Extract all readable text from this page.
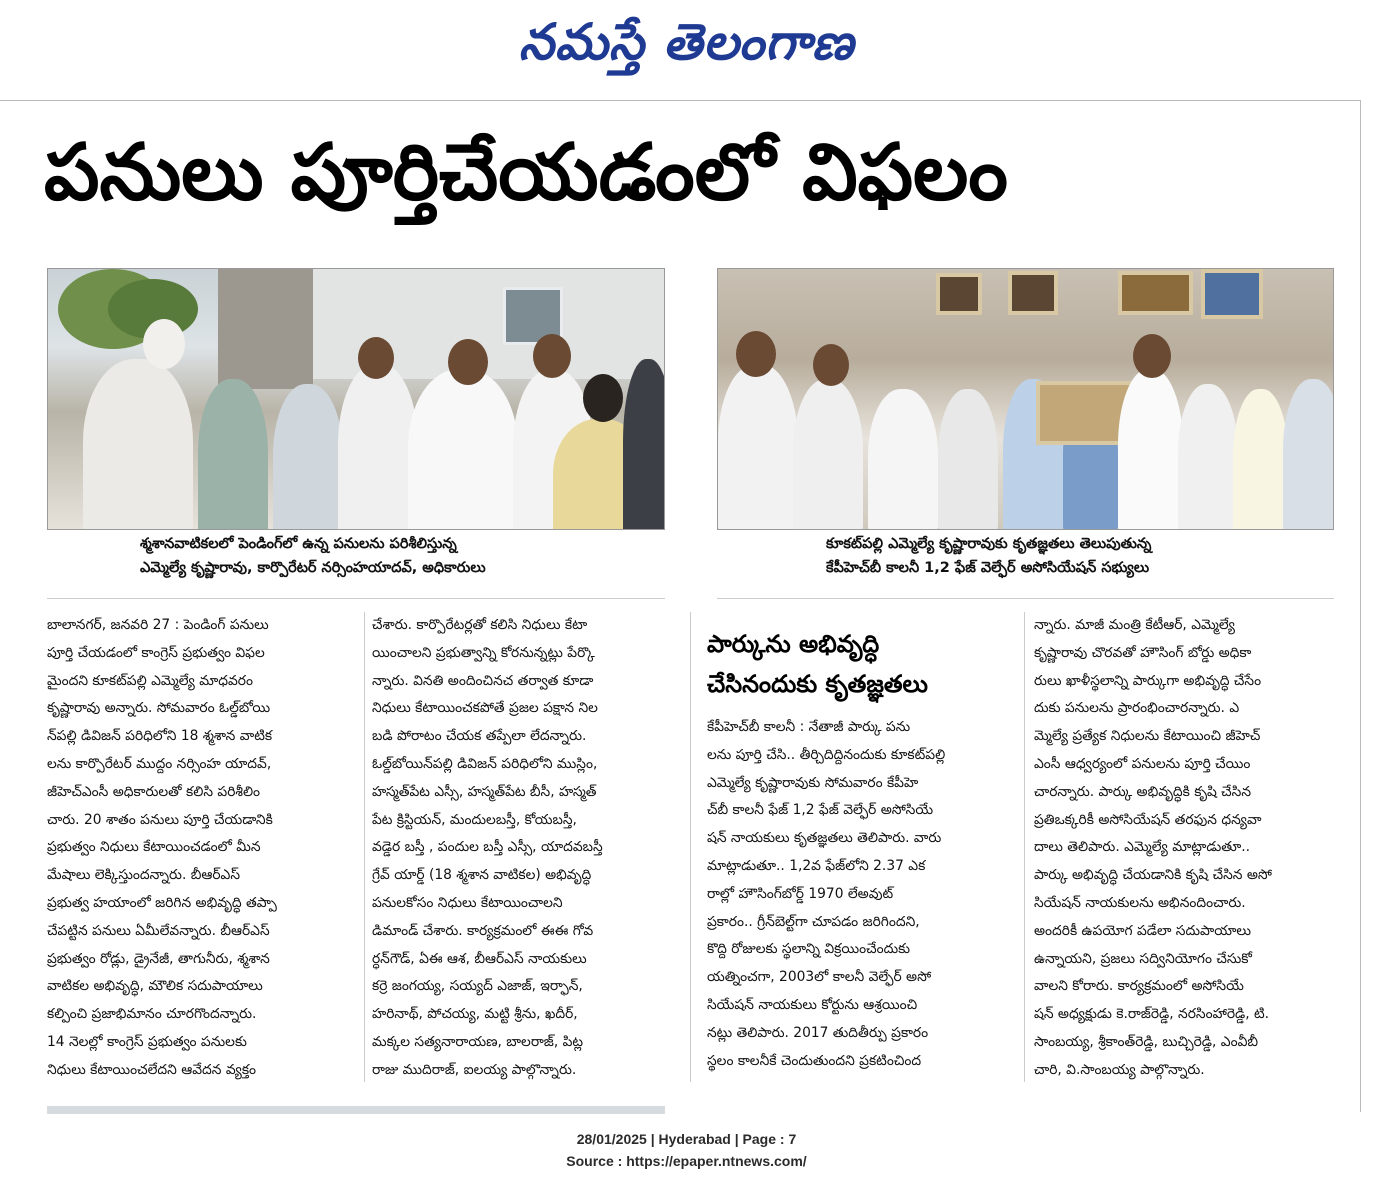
నమస్తే తెలంగాణ
పనులు పూర్తిచేయడంలో విఫలం
శ్మశానవాటికలలో పెండింగ్‌లో ఉన్న పనులను పరిశీలిస్తున్న
ఎమ్మెల్యే కృష్ణారావు, కార్పొరేటర్ నర్సింహయాదవ్, అధికారులు
కూకట్‌పల్లి ఎమ్మెల్యే కృష్ణారావుకు కృతజ్ఞతలు తెలుపుతున్న
కేపీహెచ్‌బీ కాలనీ 1,2 ఫేజ్ వెల్ఫేర్ అసోసియేషన్ సభ్యులు
బాలానగర్, జనవరి 27 : పెండింగ్ పనులు
పూర్తి చేయడంలో కాంగ్రెస్ ప్రభుత్వం విఫల
మైందని కూకట్‌పల్లి ఎమ్మెల్యే మాధవరం
కృష్ణారావు అన్నారు. సోమవారం ఓల్డ్‌బోయి
న్‌పల్లి డివిజన్ పరిధిలోని 18 శ్మశాన వాటిక
లను కార్పొరేటర్ ముద్దం నర్సింహ యాదవ్,
జీహెచ్‌ఎంసీ అధికారులతో కలిసి పరిశీలిం
చారు. 20 శాతం పనులు పూర్తి చేయడానికి
ప్రభుత్వం నిధులు కేటాయించడంలో మీన
మేషాలు లెక్కిస్తుందన్నారు. బీఆర్‌ఎస్
ప్రభుత్వ హయాంలో జరిగిన అభివృద్ధి తప్పా
చేపట్టిన పనులు ఏమీలేవన్నారు. బీఆర్‌ఎస్
ప్రభుత్వం రోడ్లు, డ్రైనేజీ, తాగునీరు, శ్మశాన
వాటికల అభివృద్ధి, మౌలిక సదుపాయాలు
కల్పించి ప్రజాభిమానం చూరగొందన్నారు.
14 నెలల్లో కాంగ్రెస్ ప్రభుత్వం పనులకు
నిధులు కేటాయించలేదని ఆవేదన వ్యక్తం
చేశారు. కార్పొరేటర్లతో కలిసి నిధులు కేటా
యించాలని ప్రభుత్వాన్ని కోరనున్నట్లు పేర్కొ
న్నారు. వినతి అందించినచ తర్వాత కూడా
నిధులు కేటాయించకపోతే ప్రజల పక్షాన నిల
బడి పోరాటం చేయక తప్పేలా లేదన్నారు.
ఓల్డ్‌బోయిన్‌పల్లి డివిజన్ పరిధిలోని ముస్లిం,
హస్మత్‌పేట ఎస్సీ, హస్మత్‌పేట బీసీ, హస్మత్
పేట క్రిస్టియన్, మందులబస్తీ, కోయబస్తీ,
వడ్డెర బస్తీ , పందుల బస్తీ ఎస్సీ, యాదవబస్తీ
గ్రేవ్ యార్డ్ (18 శ్మశాన వాటికల) అభివృద్ధి
పనులకోసం నిధులు కేటాయించాలని
డిమాండ్ చేశారు. కార్యక్రమంలో ఈఈ గోవ
ర్ధన్‌గౌడ్, ఏఈ ఆశ, బీఆర్‌ఎస్ నాయకులు
కర్రె జంగయ్య, సయ్యద్ ఎజాజ్, ఇర్ఫాన్,
హరినాథ్, పోచయ్య, మట్టి శ్రీను, ఖదీర్,
మక్కల సత్యనారాయణ, బాలరాజ్, పిట్ల
రాజు ముదిరాజ్, ఐలయ్య పాల్గొన్నారు.
పార్కును అభివృద్ధి
చేసినందుకు కృతజ్ఞతలు
కేపీహెచ్‌బీ కాలనీ : నేతాజీ పార్కు పను
లను పూర్తి చేసి.. తీర్చిదిద్దినందుకు కూకట్‌పల్లి
ఎమ్మెల్యే కృష్ణారావుకు సోమవారం కేపీహె
చ్‌బీ కాలనీ ఫేజ్ 1,2 ఫేజ్ వెల్ఫేర్ అసోసియే
షన్ నాయకులు కృతజ్ఞతలు తెలిపారు. వారు
మాట్లాడుతూ.. 1,2వ ఫేజ్‌లోని 2.37 ఎక
రాల్లో హౌసింగ్‌బోర్డ్ 1970 లేఅవుట్
ప్రకారం.. గ్రీన్‌బెల్ట్‌గా చూపడం జరిగిందని,
కొద్ది రోజులకు స్థలాన్ని విక్రయించేందుకు
యత్నించగా, 2003లో కాలనీ వెల్ఫేర్ అసో
సియేషన్ నాయకులు కోర్టును ఆశ్రయించి
నట్లు తెలిపారు. 2017 తుదితీర్పు ప్రకారం
స్థలం కాలనీకే చెందుతుందని ప్రకటించింద
న్నారు. మాజీ మంత్రి కేటీఆర్, ఎమ్మెల్యే
కృష్ణారావు చొరవతో హౌసింగ్ బోర్డు అధికా
రులు ఖాళీస్థలాన్ని పార్కుగా అభివృద్ధి చేసేం
దుకు పనులను ప్రారంభించారన్నారు. ఎ
మ్మెల్యే ప్రత్యేక నిధులను కేటాయించి జీహెచ్
ఎంసీ ఆధ్వర్యంలో పనులను పూర్తి చేయిం
చారన్నారు. పార్కు అభివృద్ధికి కృషి చేసిన
ప్రతిఒక్కరికీ అసోసియేషన్ తరఫున ధన్యవా
దాలు తెలిపారు. ఎమ్మెల్యే మాట్లాడుతూ..
పార్కు అభివృద్ధి చేయడానికి కృషి చేసిన అసో
సియేషన్ నాయకులను అభినందించారు.
అందరికీ ఉపయోగ పడేలా సదుపాయాలు
ఉన్నాయని, ప్రజలు సద్వినియోగం చేసుకో
వాలని కోరారు. కార్యక్రమంలో అసోసియే
షన్ అధ్యక్షుడు కె.రాజ్‌రెడ్డి, నరసింహారెడ్డి, టి.
సాంబయ్య, శ్రీకాంత్‌రెడ్డి, బుచ్చిరెడ్డి, ఎంవీబీ
చారి, వి.సాంబయ్య పాల్గొన్నారు.
28/01/2025 | Hyderabad | Page : 7
Source : https://epaper.ntnews.com/
